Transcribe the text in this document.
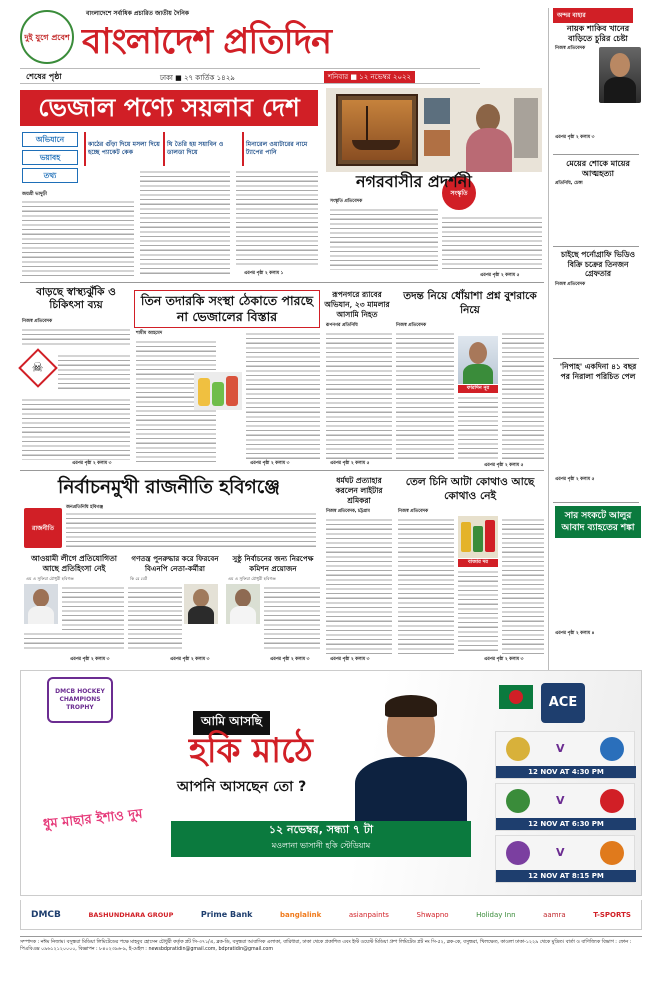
দুই যুগে প্রবেশ
বাংলাদেশে সর্বাধিক প্রচারিত জাতীয় দৈনিক
বাংলাদেশ প্রতিদিন
শেষের পৃষ্ঠা	ঢাকা ■ ২৭ কার্তিক ১৪২৯	শনিবার ■ ১২ নভেম্বর ২০২২
অন্দর বাহার
নায়ক শাকিব খানের বাড়িতে চুরির চেষ্টা
নিজস্ব প্রতিবেদক
এরপর পৃষ্ঠা ২ কলাম ৩
মেয়ের শোকে মায়ের আত্মহত্যা
প্রতিনিধি, ঢেঙ্গা
চাইছে পর্নোগ্রাফি ভিডিও বিক্রি চক্রের তিনজন গ্রেফতার
নিজস্ব প্রতিবেদক
'নিপাহ' একদিনা ৪১ বছর পর নিরালা পরিচিত পেল
এরপর পৃষ্ঠা ২ কলাম ৫
সার সংকটে আলুর আবাদ ব্যাহতের শঙ্কা
এরপর পৃষ্ঠা ২ কলাম ৪
ভেজাল পণ্যে সয়লাব দেশ
অভিযানে
ভয়াবহ
তথ্য
কাঠের গুঁড়া দিয়ে মসলা দিয়ে হচ্ছে প্যাকেট কেক
ঘি তৈরি হয় সয়াবিন ও ডালডা দিয়ে
মিনারেল ওয়াটারের নামে ট্যাপের পানি
জয়শ্রী ভাদুড়ী
এরপর পৃষ্ঠা ২ কলাম ১
সংস্কৃতি
নগরবাসীর প্রদর্শনী
সংস্কৃতি প্রতিবেদক
এরপর পৃষ্ঠা ২ কলাম ৫
বাড়ছে স্বাস্থ্যঝুঁকি ও চিকিৎসা ব্যয়
নিজস্ব প্রতিবেদক
☠
এরপর পৃষ্ঠা ২ কলাম ৩
তিন তদারকি সংস্থা ঠেকাতে পারছে না ভেজালের বিস্তার
শামীম আহমেদ
এরপর পৃষ্ঠা ২ কলাম ৩
রূপনগরে র‍্যাবের অভিযান, ২৩ মামলার আসামি নিহত
রূপনগর প্রতিনিধি
এরপর পৃষ্ঠা ২ কলাম ৫
তদন্ত নিয়ে ধোঁয়াশা প্রশ্ন বুশরাকে নিয়ে
নিজস্ব প্রতিবেদক
ফারদিন নূর
এরপর পৃষ্ঠা ২ কলাম ৫
নির্বাচনমুখী রাজনীতি হবিগঞ্জে
রাজনীতি
জনপ্রতিনিধি হবিগঞ্জ
আওয়ামী লীগে প্রতিযোগিতা আছে প্রতিহিংসা নেই
এম এ সুফিয়া চৌধুরী হবিগঞ্জ
এরপর পৃষ্ঠা ২ কলাম ৩
গণতন্ত্র পুনরুদ্ধার করে ফিরবেন বিএনপি নেতা-কর্মীরা
কি রে বেট
এরপর পৃষ্ঠা ২ কলাম ৩
সুষ্ঠু নির্বাচনের জন্য নিরপেক্ষ কমিশন প্রয়োজন
এম এ সুফিয়া চৌধুরী হবিগঞ্জ
এরপর পৃষ্ঠা ২ কলাম ৩
ধর্মঘট প্রত্যাহার করলেন লাইটার শ্রমিকরা
নিজস্ব প্রতিবেদক, চট্টগ্রাম
এরপর পৃষ্ঠা ২ কলাম ৩
তেল চিনি আটা কোথাও আছে কোথাও নেই
নিজস্ব প্রতিবেদক
বাজার দর
এরপর পৃষ্ঠা ২ কলাম ৩
DMCB HOCKEY CHAMPIONS TROPHY
আমি আসছি
হকি মাঠে
আপনি আসছেন তো ?
১২ নভেম্বর, সন্ধ্যা ৭ টা
মওলানা ভাসানী হকি স্টেডিয়াম
ধুম মাছার ইশাও দুম
ACE
V
12 NOV AT 4:30 PM
V
12 NOV AT 6:30 PM
V
12 NOV AT 8:15 PM
DMCB	BASHUNDHARA GROUP	Prime Bank	banglalink	asianpaints	Shwapno	Holiday Inn	aamra	T-SPORTS
সম্পাদক : নঈম নিজাম। বসুন্ধরা মিডিয়া লিমিটেডের পক্ষে মাহবুব হোসেন চৌধুরী কর্তৃক প্লট সি-৩৭১/এ, ব্লক-ডি, বসুন্ধরা আবাসিক এলাকা, বারিধারা, ঢাকা থেকে প্রকাশিত এবং ইস্ট ওয়েস্ট মিডিয়া গ্রুপ লিমিটেড প্লট নং সি-৫২, ব্লক-কে, বসুন্ধরা, খিলক্ষেত, কাওলা ঢাকা-১২২৯ থেকে মুদ্রিত। বার্তা ও বাণিজ্যিক বিভাগ : ফোন : পিএবিএক্স ০৯৬১২১২০০০০, বিজ্ঞাপন : ৮৪০২৩৯৬-৯, ই-মেইল : newsbdpratidin@gmail.com, bdpratidin@gmail.com
